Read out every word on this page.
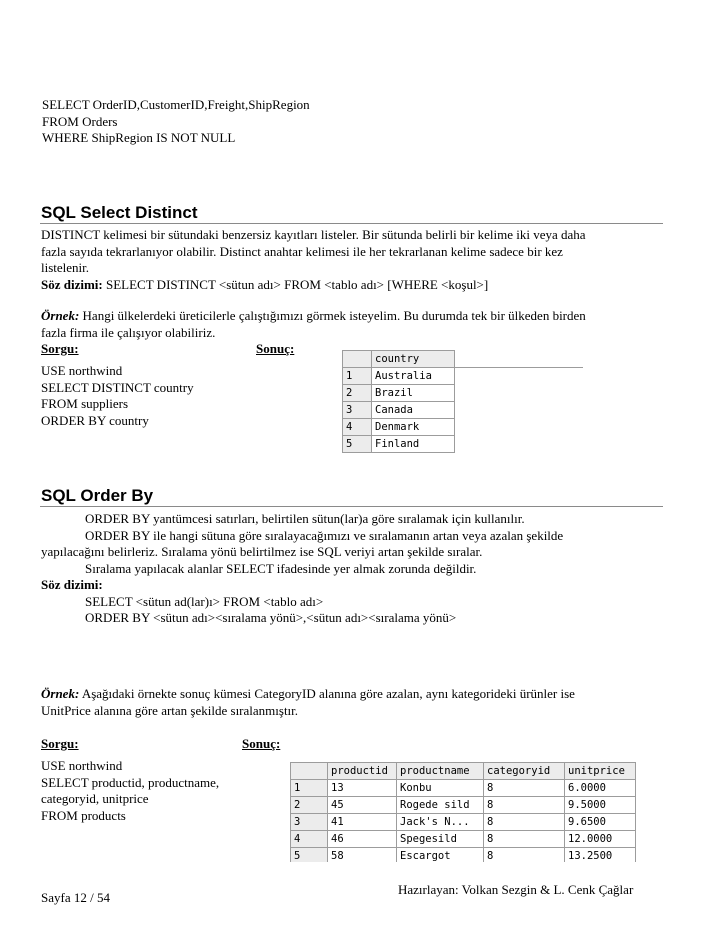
SELECT OrderID,CustomerID,Freight,ShipRegion
FROM Orders
WHERE ShipRegion IS NOT NULL
SQL Select Distinct
DISTINCT kelimesi bir sütundaki benzersiz kayıtları listeler. Bir sütunda belirli bir kelime iki veya daha
fazla sayıda tekrarlanıyor olabilir. Distinct anahtar kelimesi ile her tekrarlanan kelime sadece bir kez
listelenir.
Söz dizimi: SELECT DISTINCT <sütun adı> FROM <tablo adı> [WHERE <koşul>]
Örnek: Hangi ülkelerdeki üreticilerle çalıştığımızı görmek isteyelim. Bu durumda tek bir ülkeden birden
fazla firma ile çalışıyor olabiliriz.
Sorgu:	Sonuç:
USE northwind
SELECT DISTINCT country
FROM suppliers
ORDER BY country
	country	
1	Australia	
2	Brazil	
3	Canada	
4	Denmark	
5	Finland	
SQL Order By
ORDER BY yantümcesi satırları, belirtilen sütun(lar)a göre sıralamak için kullanılır.
ORDER BY ile hangi sütuna göre sıralayacağımızı ve sıralamanın artan veya azalan şekilde
yapılacağını belirleriz. Sıralama yönü belirtilmez ise SQL veriyi artan şekilde sıralar.
Sıralama yapılacak alanlar SELECT ifadesinde yer almak zorunda değildir.
Söz dizimi:
SELECT <sütun ad(lar)ı> FROM <tablo adı>
ORDER BY <sütun adı><sıralama yönü>,<sütun adı><sıralama yönü>
Örnek: Aşağıdaki örnekte sonuç kümesi CategoryID alanına göre azalan, aynı kategorideki ürünler ise
UnitPrice alanına göre artan şekilde sıralanmıştır.
Sorgu:	Sonuç:
USE northwind
SELECT productid, productname,
categoryid, unitprice
FROM products
	productid	productname	categoryid	unitprice
1	13	Konbu	8	6.0000
2	45	Rogede sild	8	9.5000
3	41	Jack's N...	8	9.6500
4	46	Spegesild	8	12.0000
5	58	Escargot	8	13.2500
Sayfa 12 / 54
Hazırlayan: Volkan Sezgin & L. Cenk Çağlar
